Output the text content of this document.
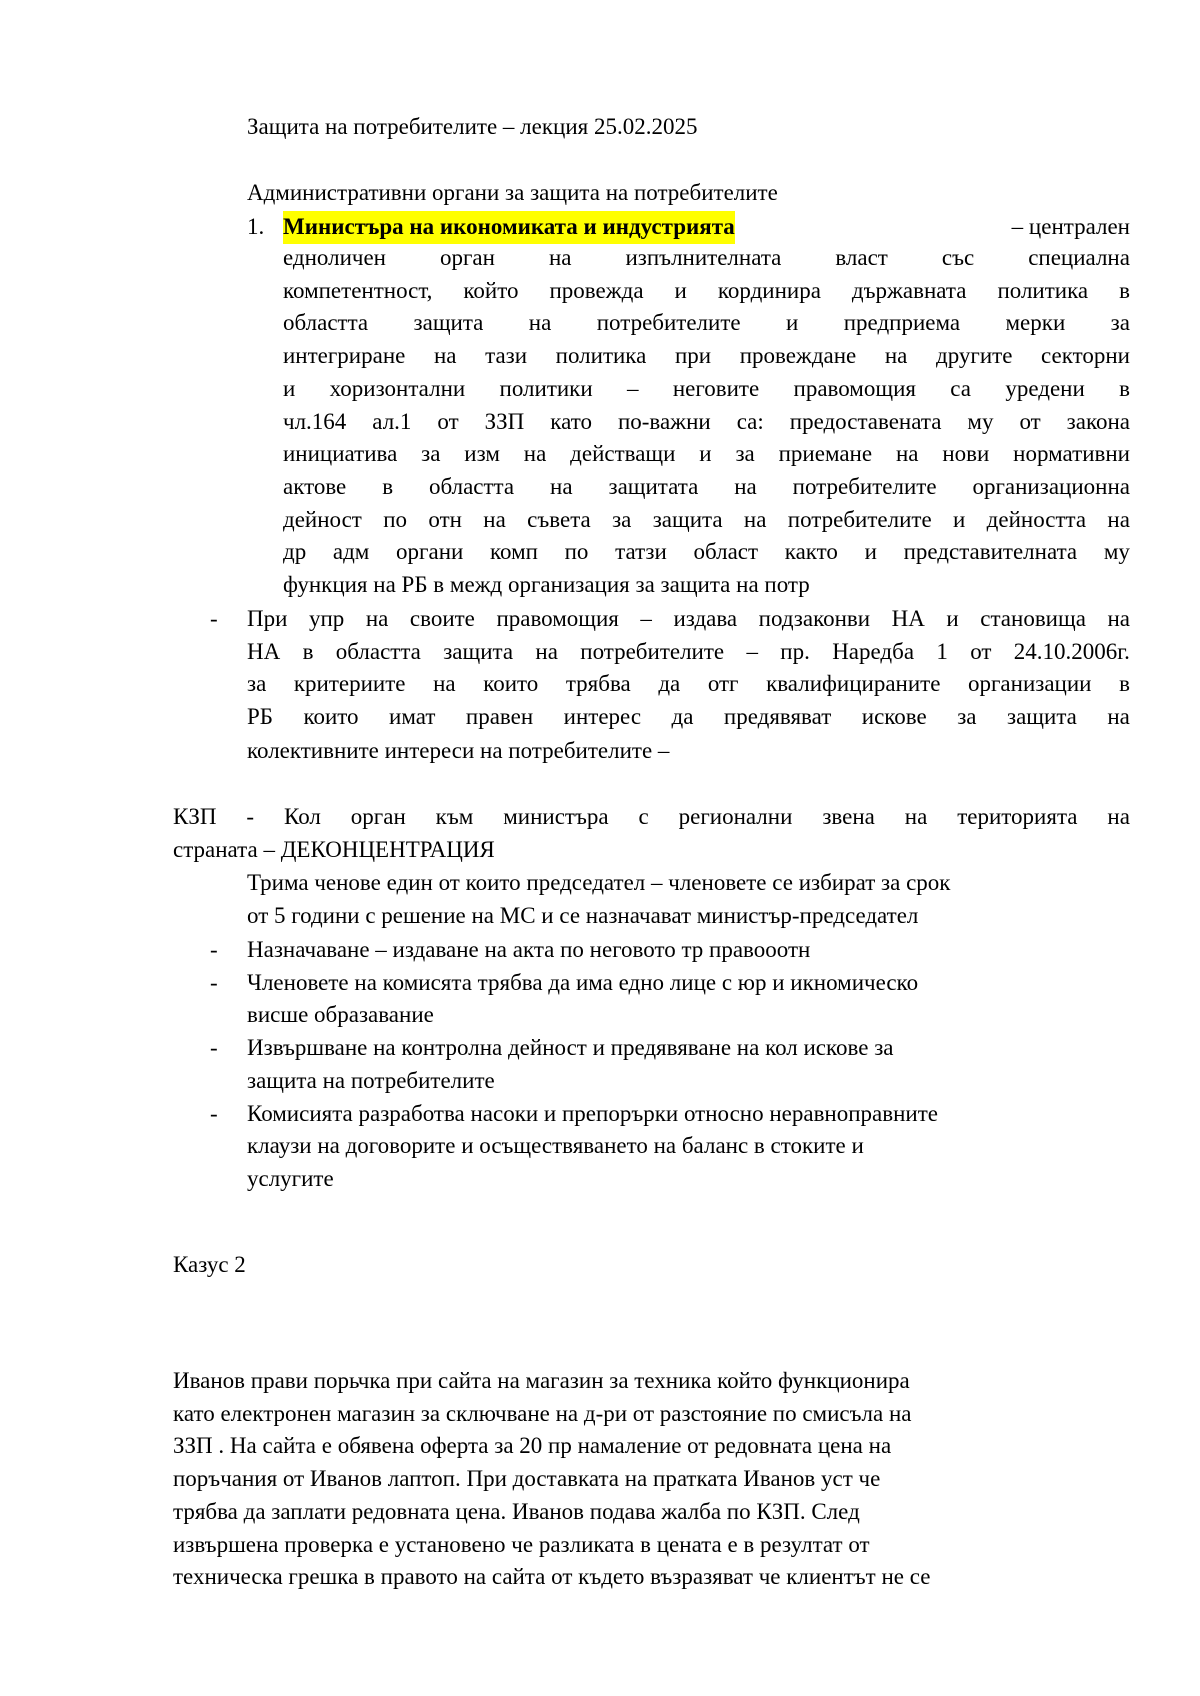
Защита на потребителите – лекция 25.02.2025
Административни органи за защита на потребителите
1. Министъра на икономиката и индустрията	– централен
едноличен орган на изпълнителната власт със специална
компетентност, който провежда и кординира държавната политика в
областта защита на потребителите и предприема мерки за
интегриране на тази политика при провеждане на другите секторни
и хоризонтални политики – неговите правомощия са уредени в
чл.164 ал.1 от ЗЗП като по-важни са: предоставената му от закона
инициатива за изм на действащи и за приемане на нови нормативни
актове в областта на защитата на потребителите организационна
дейност по отн на съвета за защита на потребителите и дейността на
др адм органи комп по татзи област както и представителната му
функция на РБ в межд организация за защита на потр
- При упр на своите правомощия – издава подзаконви НА и становища на
НА в областта защита на потребителите – пр. Наредба 1 от 24.10.2006г.
за критериите на които трябва да отг квалифицираните организации в
РБ които имат правен интерес да предявяват искове за защита на
колективните интереси на потребителите –
КЗП - Кол орган към министъра с регионални звена на територията на
страната – ДЕКОНЦЕНТРАЦИЯ
Трима ченове един от които председател – членовете се избират за срок
от 5 години с решение на МС и се назначават министър-председател
- Назначаване – издаване на акта по неговото тр правооотн
- Членовете на комисята трябва да има едно лице с юр и икномическо
висше образавание
- Извършване на контролна дейност и предявяване на кол искове за
защита на потребителите
- Комисията разработва насоки и препорърки относно неравноправните
клаузи на договорите и осъществяването на баланс в стоките и
услугите
Казус 2
Иванов прави порьчка при сайта на магазин за техника който функционира
като електронен магазин за сключване на д-ри от разстояние по смисъла на
ЗЗП . На сайта е обявена оферта за 20 пр намаление от редовната цена на
поръчания от Иванов лаптоп. При доставката на пратката Иванов уст че
трябва да заплати редовната цена. Иванов подава жалба по КЗП. След
извършена проверка е установено че разликата в цената е в резултат от
техническа грешка в правото на сайта от където възразяват че клиентът не се
